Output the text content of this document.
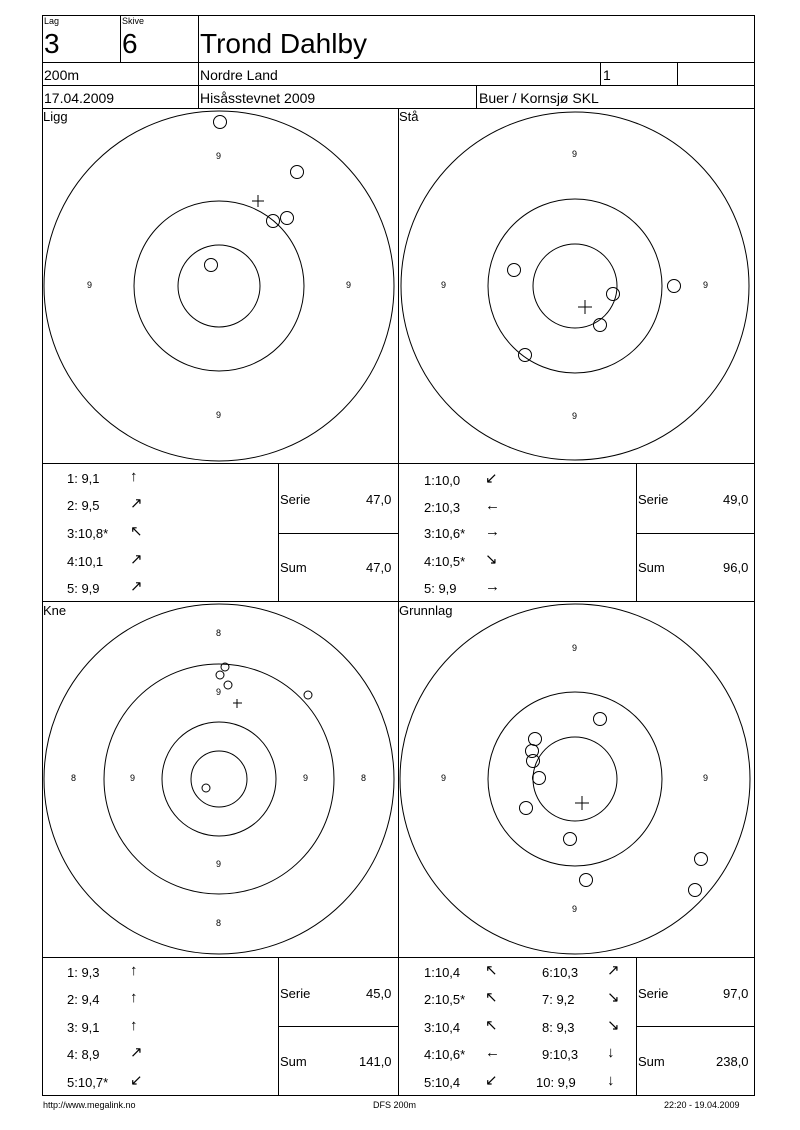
Lag
3
Skive
6 Trond Dahlby
200m	Nordre Land	1
17.04.2009	Hisåsstevnet 2009	Buer / Kornsjø SKL
Ligg
9
9	9
9
Stå
9
9	9
9
1: 9,1 ↑
2: 9,5 ↗
3:10,8* ↖
4:10,1 ↗
5: 9,9 ↗
Serie	47,0
Sum	47,0
1:10,0 ↙
2:10,3 ←
3:10,6* →
4:10,5* ↘
5: 9,9 →
Serie	49,0
Sum	96,0
Kne
8
9
8	9	9	8
9
8
Grunnlag
9
9	9
9
1: 9,3 ↑
2: 9,4 ↑
3: 9,1 ↑
4: 8,9 ↗
5:10,7* ↙
Serie	45,0
Sum	141,0
1:10,4 ↖
2:10,5* ↖
3:10,4 ↖
4:10,6* ←
5:10,4 ↙
6:10,3 ↗
7: 9,2 ↘
8: 9,3 ↘
9:10,3 ↓
10: 9,9 ↓
Serie	97,0
Sum	238,0
http://www.megalink.no	DFS 200m	22:20 - 19.04.2009
